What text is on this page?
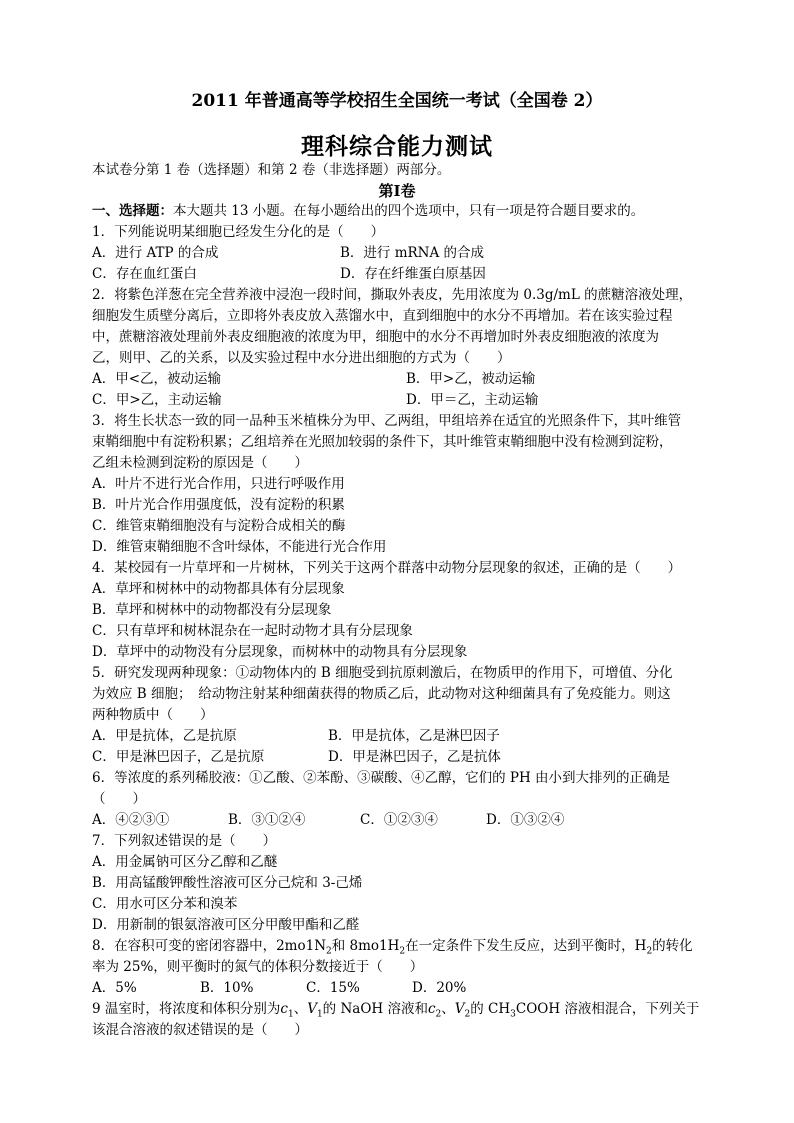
2011 年普通高等学校招生全国统一考试（全国卷 2）
理科综合能力测试
本试卷分第 1 卷（选择题）和第 2 卷（非选择题）两部分。
第Ⅰ卷
一、选择题：本大题共 13 小题。在每小题给出的四个选项中，只有一项是符合题目要求的。
1．下列能说明某细胞已经发生分化的是（　　）
A．进行 ATP 的合成	B．进行 mRNA 的合成
C．存在血红蛋白	D．存在纤维蛋白原基因
2．将紫色洋葱在完全营养液中浸泡一段时间，撕取外表皮，先用浓度为 0.3g/mL 的蔗糖溶液处理，
细胞发生质壁分离后，立即将外表皮放入蒸馏水中，直到细胞中的水分不再增加。若在该实验过程
中，蔗糖溶液处理前外表皮细胞液的浓度为甲，细胞中的水分不再增加时外表皮细胞液的浓度为
乙，则甲、乙的关系，以及实验过程中水分进出细胞的方式为（　　）
A．甲<乙，被动运输	B．甲>乙，被动运输
C．甲>乙，主动运输	D．甲＝乙，主动运输
3．将生长状态一致的同一品种玉米植株分为甲、乙两组，甲组培养在适宜的光照条件下，其叶维管
束鞘细胞中有淀粉积累；乙组培养在光照加较弱的条件下，其叶维管束鞘细胞中没有检测到淀粉，
乙组未检测到淀粉的原因是（　　）
A．叶片不进行光合作用，只进行呼吸作用
B．叶片光合作用强度低，没有淀粉的积累
C．维管束鞘细胞没有与淀粉合成相关的酶
D．维管束鞘细胞不含叶绿体，不能进行光合作用
4．某校园有一片草坪和一片树林，下列关于这两个群落中动物分层现象的叙述，正确的是（　　）
A．草坪和树林中的动物都具体有分层现象
B．草坪和树林中的动物都没有分层现象
C．只有草坪和树林混杂在一起时动物才具有分层现象
D．草坪中的动物没有分层现象，而树林中的动物具有分层现象
5．研究发现两种现象：①动物体内的 B 细胞受到抗原刺激后，在物质甲的作用下，可增值、分化
为效应 B 细胞；　给动物注射某种细菌获得的物质乙后，此动物对这种细菌具有了免疫能力。则这
两种物质中（　　）
A．甲是抗体，乙是抗原	B．甲是抗体，乙是淋巴因子
C．甲是淋巴因子，乙是抗原	D．甲是淋巴因子，乙是抗体
6．等浓度的系列稀胶液：①乙酸、②苯酚、③碳酸、④乙醇，它们的 PH 由小到大排列的正确是
（　　）
A．④②③①	B．③①②④	C．①②③④	D．①③②④
7．下列叙述错误的是（　　）
A．用金属钠可区分乙醇和乙醚
B．用高锰酸钾酸性溶液可区分己烷和 3-己烯
C．用水可区分苯和溴苯
D．用新制的银氨溶液可区分甲酸甲酯和乙醛
8．在容积可变的密闭容器中，$2mo1N_2$和 $8mo1H_2$在一定条件下发生反应，达到平衡时，$H_2$的转化
率为 25%，则平衡时的氮气的体积分数接近于（　　）
A．5%	B．10%	C．15%	D．20%
9 温室时，将浓度和体积分别为$c_1$、$V_1$的 NaOH 溶液和$c_2$、$V_2$的 $CH_3COOH$ 溶液相混合，下列关于
该混合溶液的叙述错误的是（　　）
